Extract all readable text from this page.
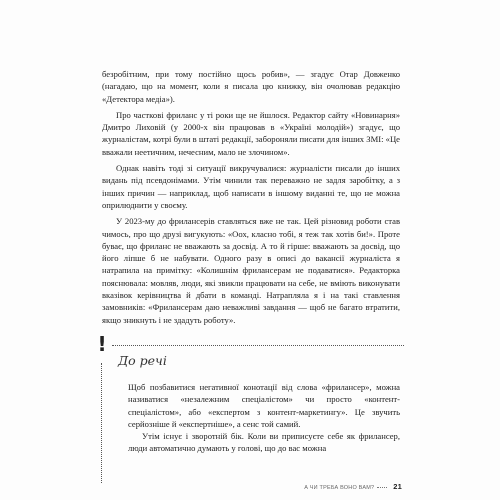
безробітним, при тому постійно щось робив», — згадує Отар Довженко (нагадаю, що на момент, коли я писала цю книжку, він очолював редакцію «Детектора медіа»).

Про часткові фриланс у ті роки ще не йшлося. Редактор сайту «Новинарня» Дмитро Лиховій (у 2000-х він працював в «Україні молодій») згадує, що журналістам, котрі були в штаті редакції, забороняли писати для інших ЗМІ: «Це вважали неетичним, нечесним, мало не злочином».

Однак навіть тоді зі ситуації викручувалися: журналісти писали до інших видань під псевдонімами. Утім чинили так переважно не задля заробітку, а з інших причин — наприклад, щоб написати в іншому виданні те, що не можна оприлюднити у своєму.

У 2023-му до фрилансерів ставляться вже не так. Цей різновид роботи став чимось, про що друзі вигукують: «Оох, класно тобі, я теж так хотів би!». Проте буває, що фриланс не вважають за досвід. А то й гірше: вважають за досвід, що його ліпше б не набувати. Одного разу в описі до вакансії журналіста я натрапила на примітку: «Колишнім фрилансерам не подаватися». Редакторка пояснювала: мовляв, люди, які звикли працювати на себе, не вміють виконувати вказівок керівництва й дбати в команді. Натрапляла я і на такі ставлення замовників: «Фрилансерам даю неважливі завдання — щоб не багато втратити, якщо зникнуть і не здадуть роботу».

!
До речі

Щоб позбавитися негативної конотації від слова «фрилансер», можна називатися «незалежним спеціалістом» чи просто «контент-спеціалістом», або «експертом з контент-маркетингу». Це звучить серйозніше й «експертніше», а сенс той самий.

Утім існує і зворотній бік. Коли ви приписуєте себе як фрилансер, люди автоматично думають у голові, що до вас можна

А ЧИ ТРЕБА ВОНО ВАМ?	21
